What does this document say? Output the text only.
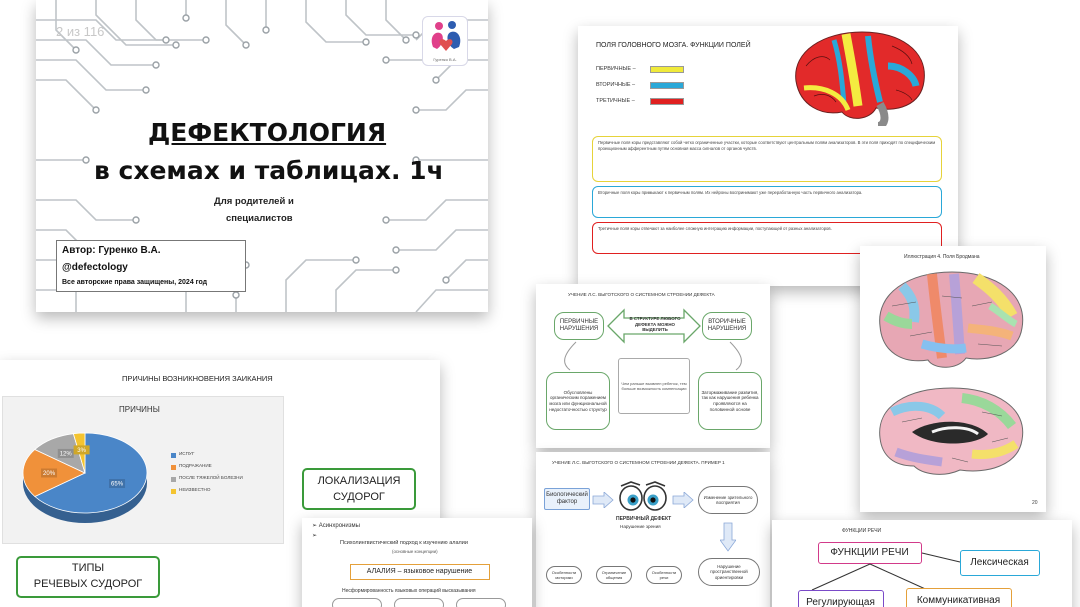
2 из 116
Гуренко В.А.
ДЕФЕКТОЛОГИЯ
в схемах и таблицах. 1ч
Для родителей и
специалистов
Автор: Гуренко В.А.
@defectology
Все авторские права защищены, 2024 год
ПОЛЯ ГОЛОВНОГО МОЗГА. ФУНКЦИИ ПОЛЕЙ
ПЕРВИЧНЫЕ –
ВТОРИЧНЫЕ –
ТРЕТИЧНЫЕ –
Первичные поля коры представляют собой четко ограниченные участки, которые соответствуют центральным полям анализаторов. В эти поля приходят по специфическим проекционным афферентным путям основная масса сигналов от органов чувств.
Вторичные поля коры примыкают к первичным полям. Их нейроны воспринимают уже переработанную часть первичного анализатора.
Третичные поля коры отвечают за наиболее сложную интеграцию информации, поступающей от разных анализаторов.
Иллюстрация 4. Поля Бродмана
20
УЧЕНИЕ Л.С. ВЫГОТСКОГО О СИСТЕМНОМ СТРОЕНИИ ДЕФЕКТА
ПЕРВИЧНЫЕ НАРУШЕНИЯ
В СТРУКТУРЕ ЛЮБОГО ДЕФЕКТА МОЖНО ВЫДЕЛИТЬ
ВТОРИЧНЫЕ НАРУШЕНИЯ
Обусловлены органическим поражением мозга или функциональной недостаточностью структур
Чем раньше выявлен ребенок, тем больше возможность компенсации
Затормаживание развития, так как нарушения ребенка проявляются на половинной основе
УЧЕНИЕ Л.С. ВЫГОТСКОГО О СИСТЕМНОМ СТРОЕНИИ ДЕФЕКТА. ПРИМЕР 1
Биологический фактор
ПЕРВИЧНЫЙ ДЕФЕКТ
Нарушение зрения
Изменение зрительного восприятия
Нарушение пространственной ориентировки
Особенности моторики
Ограничение общения
Особенности речи
ПРИЧИНЫ ВОЗНИКНОВЕНИЯ ЗАИКАНИЯ
ПРИЧИНЫ
65%
20%
12%
3%	ИСПУГ
ПОДРАЖАНИЕ
ПОСЛЕ ТЯЖЕЛОЙ БОЛЕЗНИ
НЕИЗВЕСТНО
ЛОКАЛИЗАЦИЯ
СУДОРОГ
ТИПЫ
РЕЧЕВЫХ СУДОРОГ
➢ Асинхронизмы
➢
Психолингвистический подход к изучению алалии
(основные концепции)
АЛАЛИЯ – языковое нарушение
Несформированность языковых операций высказывания
ФУНКЦИИ РЕЧИ
ФУНКЦИИ РЕЧИ
Лексическая
Регулирующая	Коммуникативная
